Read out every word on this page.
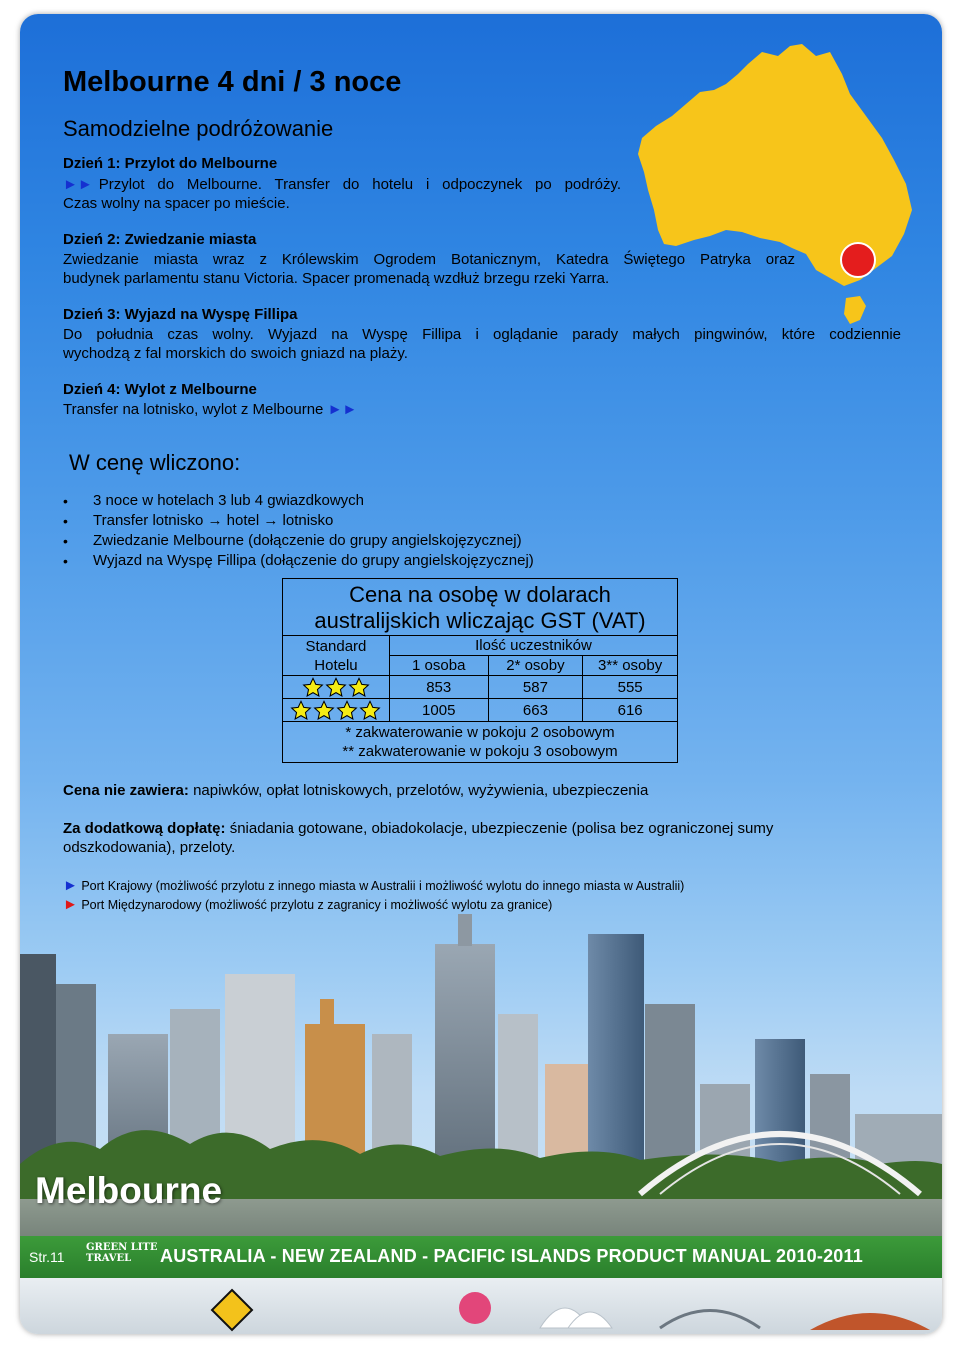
Melbourne 4 dni / 3 noce
Samodzielne podróżowanie
Dzień 1: Przylot do Melbourne
►► Przylot do Melbourne. Transfer do hotelu i odpoczynek po podróży.
Czas wolny na spacer po mieście.
Dzień 2: Zwiedzanie miasta
Zwiedzanie miasta wraz z Królewskim Ogrodem Botanicznym, Katedra Świętego Patryka oraz
budynek parlamentu stanu Victoria. Spacer promenadą wzdłuż brzegu rzeki Yarra.
Dzień 3: Wyjazd na Wyspę Fillipa
Do południa czas wolny. Wyjazd na Wyspę Fillipa i oglądanie parady małych pingwinów, które codziennie
wychodzą z fal morskich do swoich gniazd na plaży.
Dzień 4: Wylot z Melbourne
Transfer na lotnisko, wylot z Melbourne ►►
W cenę wliczono:
• 3 noce w hotelach 3 lub 4 gwiazdkowych
• Transfer lotnisko → hotel → lotnisko
• Zwiedzanie Melbourne (dołączenie do grupy angielskojęzycznej)
• Wyjazd na Wyspę Fillipa (dołączenie do grupy angielskojęzycznej)
Cena na osobę w dolarach
australijskich wliczając GST (VAT)			

Standard
Hotelu	Ilość uczestników		
	1 osoba	2* osoby	3** osoby

	853	587	555

	1005	663	616

* zakwaterowanie w pokoju 2 osobowym
** zakwaterowanie w pokoju 3 osobowym			
Cena nie zawiera: napiwków, opłat lotniskowych, przelotów, wyżywienia, ubezpieczenia
Za dodatkową dopłatę: śniadania gotowane, obiadokolacje, ubezpieczenie (polisa bez ograniczonej sumy
odszkodowania), przeloty.
► Port Krajowy (możliwość przylotu z innego miasta w Australii i możliwość wylotu do innego miasta w Australii)
► Port Międzynarodowy (możliwość przylotu z zagranicy i możliwość wylotu za granice)
Melbourne
Str.11
GREEN LITE
TRAVEL	AUSTRALIA - NEW ZEALAND - PACIFIC ISLANDS PRODUCT MANUAL 2010-2011
